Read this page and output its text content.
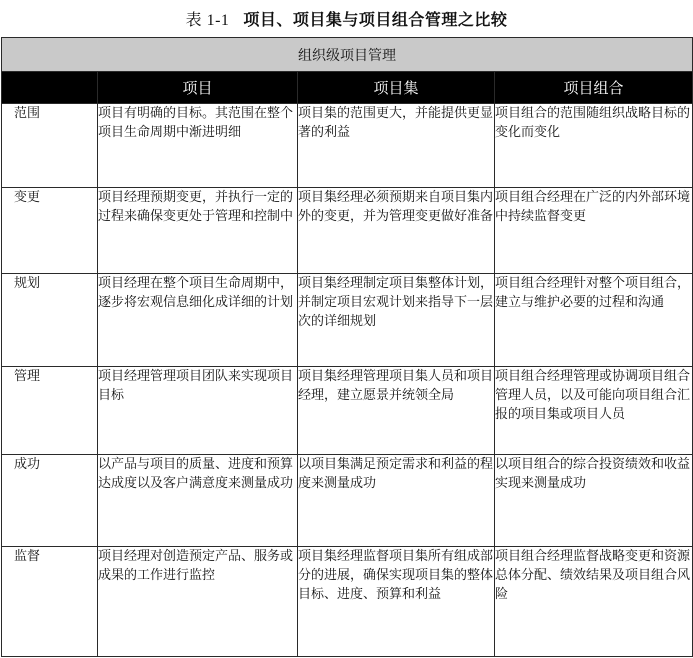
表 1-1 项目、项目集与项目组合管理之比较
组织级项目管理			
	项目	项目集	项目组合
范围	项目有明确的目标。其范围在整个项目生命周期中渐进明细	项目集的范围更大，并能提供更显著的利益	项目组合的范围随组织战略目标的变化而变化
变更	项目经理预期变更，并执行一定的过程来确保变更处于管理和控制中	项目集经理必须预期来自项目集内外的变更，并为管理变更做好准备	项目组合经理在广泛的内外部环境中持续监督变更
规划	项目经理在整个项目生命周期中，逐步将宏观信息细化成详细的计划	项目集经理制定项目集整体计划，并制定项目宏观计划来指导下一层次的详细规划	项目组合经理针对整个项目组合，建立与维护必要的过程和沟通
管理	项目经理管理项目团队来实现项目目标	项目集经理管理项目集人员和项目经理，建立愿景并统领全局	项目组合经理管理或协调项目组合管理人员，以及可能向项目组合汇报的项目集或项目人员
成功	以产品与项目的质量、进度和预算达成度以及客户满意度来测量成功	以项目集满足预定需求和利益的程度来测量成功	以项目组合的综合投资绩效和收益实现来测量成功
监督	项目经理对创造预定产品、服务或成果的工作进行监控	项目集经理监督项目集所有组成部分的进展，确保实现项目集的整体目标、进度、预算和利益	项目组合经理监督战略变更和资源总体分配、绩效结果及项目组合风险
